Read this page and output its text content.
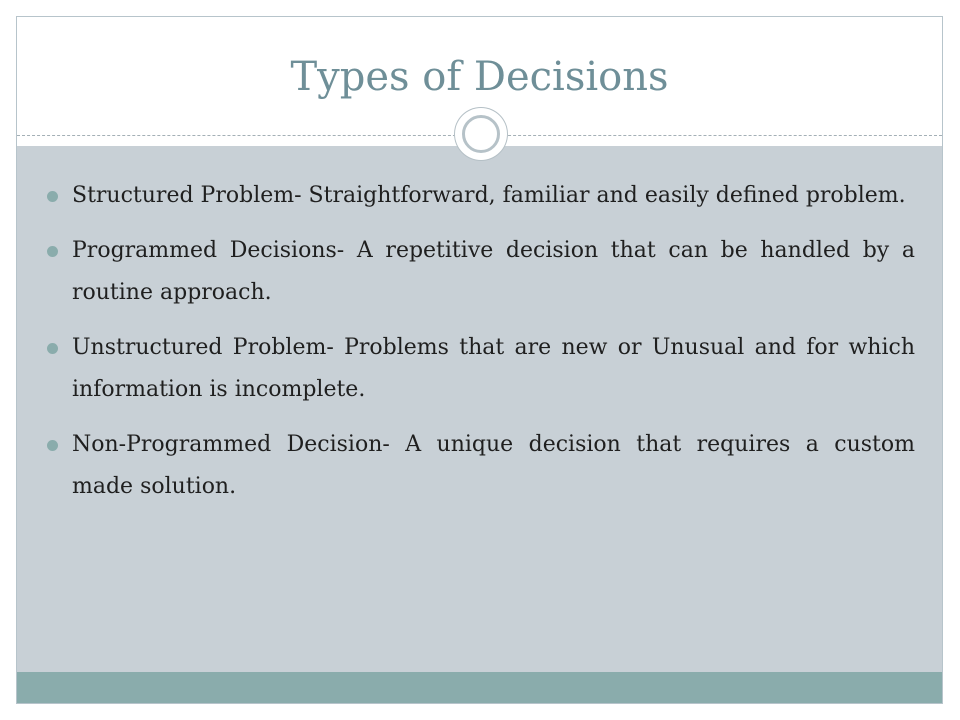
Types of Decisions
Structured Problem- Straightforward, familiar and easily defined problem.
Programmed Decisions- A repetitive decision that can be handled by a routine approach.
Unstructured Problem- Problems that are new or Unusual and for which information is incomplete.
Non-Programmed Decision- A unique decision that requires a custom made solution.
